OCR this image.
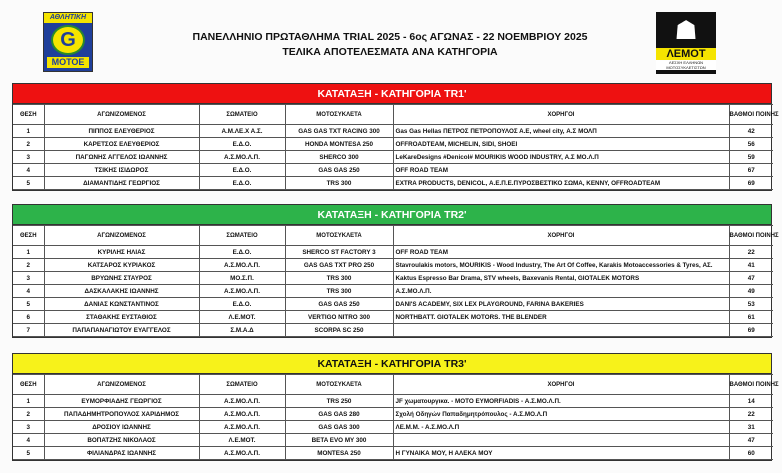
ΑΘΛΗΤΙΚΗ
G
ΜΟΤΟΕ
ΠΑΝΕΛΛΗΝΙΟ ΠΡΩΤΑΘΛΗΜΑ TRIAL 2025 - 6ος ΑΓΩΝΑΣ - 22 ΝΟΕΜΒΡΙΟΥ 2025
ΤΕΛΙΚΑ ΑΠΟΤΕΛΕΣΜΑΤΑ ΑΝΑ ΚΑΤΗΓΟΡΙΑ
☗
ΛΕΜΟΤ
ΛΕΣΧΗ ΕΛΛΗΝΩΝ ΜΟΤΟΣΥΚΛΕΤΙΣΤΩΝ
ΚΑΤΑΤΑΞΗ - ΚΑΤΗΓΟΡΙΑ TR1'
ΘΕΣΗ	ΑΓΩΝΙΖΟΜΕΝΟΣ	ΣΩΜΑΤΕΙΟ	ΜΟΤΟΣΥΚΛΕΤΑ	ΧΟΡΗΓΟΙ	ΒΑΘΜΟΙ ΠΟΙΝΗΣ
1	ΠΙΠΠΟΣ ΕΛΕΥΘΕΡΙΟΣ	Α.Μ.ΛΕ.Χ Α.Σ.	GAS GAS TXT RACING 300	Gas Gas Hellas ΠΕΤΡΟΣ ΠΕΤΡΟΠΟΥΛΟΣ Α.Ε, wheel city, Α.Σ ΜΟΛΠ	42
2	ΚΑΡΕΤΣΟΣ ΕΛΕΥΘΕΡΙΟΣ	Ε.Δ.Ο.	HONDA MONTESA 250	OFFROADTEAM, MICHELIN, SIDI, SHOEI	56
3	ΠΑΓΩΝΗΣ ΑΓΓΕΛΟΣ ΙΩΑΝΝΗΣ	Α.Σ.ΜΟ.Λ.Π.	SHERCO 300	LeKareDesigns #Denicol# MOURIKIS WOOD INDUSTRY, Α.Σ ΜΟ.Λ.Π	59
4	ΤΣΙΚΗΣ ΙΣΙΔΩΡΟΣ	Ε.Δ.Ο.	GAS GAS 250	OFF ROAD TEAM	67
5	ΔΙΑΜΑΝΤΙΔΗΣ ΓΕΩΡΓΙΟΣ	Ε.Δ.Ο.	TRS 300	EXTRA PRODUCTS, DENICOL, Α.Ε.Π.Ε.ΠΥΡΟΣΒΕΣΤΙΚΟ ΣΩΜΑ, KENNY, OFFROADTEAM	69
ΚΑΤΑΤΑΞΗ - ΚΑΤΗΓΟΡΙΑ TR2'
ΘΕΣΗ	ΑΓΩΝΙΖΟΜΕΝΟΣ	ΣΩΜΑΤΕΙΟ	ΜΟΤΟΣΥΚΛΕΤΑ	ΧΟΡΗΓΟΙ	ΒΑΘΜΟΙ ΠΟΙΝΗΣ
1	ΚΥΡΙΛΗΣ ΗΛΙΑΣ	Ε.Δ.Ο.	SHERCO ST FACTORY 3	OFF ROAD TEAM	22
2	ΚΑΤΣΑΡΟΣ ΚΥΡΙΑΚΟΣ	Α.Σ.ΜΟ.Λ.Π.	GAS GAS TXT PRO 250	Stavroulakis motors, MOURIKIS - Wood Industry, The Art Of Coffee, Karakis Motoaccessories & Tyres, ΑΣ.	41
3	ΒΡΥΩΝΗΣ ΣΤΑΥΡΟΣ	ΜΟ.Σ.Π.	TRS 300	Kaktus Espresso Bar Drama, STV wheels, Baxevanis Rental, GIOTALEK MOTORS	47
4	ΔΑΣΚΑΛΑΚΗΣ ΙΩΑΝΝΗΣ	Α.Σ.ΜΟ.Λ.Π.	TRS 300	Α.Σ.ΜΟ.Λ.Π.	49
5	ΔΑΝΙΑΣ ΚΩΝΣΤΑΝΤΙΝΟΣ	Ε.Δ.Ο.	GAS GAS 250	DANI'S ACADEMY, SIX LEX PLAYGROUND, FARINA BAKERIES	53
6	ΣΤΑΘΑΚΗΣ ΕΥΣΤΑΘΙΟΣ	Λ.Ε.ΜΟΤ.	VERTIGO NITRO 300	NORTHBATT. GIOTALEK MOTORS. THE BLENDER	61
7	ΠΑΠΑΠΑΝΑΓΙΩΤΟΥ ΕΥΑΓΓΕΛΟΣ	Σ.Μ.Α.Δ	SCORPA SC 250		69
ΚΑΤΑΤΑΞΗ - ΚΑΤΗΓΟΡΙΑ TR3'
ΘΕΣΗ	ΑΓΩΝΙΖΟΜΕΝΟΣ	ΣΩΜΑΤΕΙΟ	ΜΟΤΟΣΥΚΛΕΤΑ	ΧΟΡΗΓΟΙ	ΒΑΘΜΟΙ ΠΟΙΝΗΣ
1	ΕΥΜΟΡΦΙΑΔΗΣ ΓΕΩΡΓΙΟΣ	Α.Σ.ΜΟ.Λ.Π.	TRS 250	JF χωματουργικα. - MOTO EYMORFIADIS - Α.Σ.ΜΟ.Λ.Π.	14
2	ΠΑΠΑΔΗΜΗΤΡΟΠΟΥΛΟΣ ΧΑΡΙΔΗΜΟΣ	Α.Σ.ΜΟ.Λ.Π.	GAS GAS 280	Σχολή Οδηγών Παπαδημητρόπουλος - Α.Σ.ΜΟ.Λ.Π	22
3	ΔΡΟΣΙΟΥ ΙΩΑΝΝΗΣ	Α.Σ.ΜΟ.Λ.Π.	GAS GAS 300	ΛΕ.Μ.Μ. - Α.Σ.ΜΟ.Λ.Π	31
4	ΒΟΠΑΤΖΗΣ ΝΙΚΟΛΑΟΣ	Λ.Ε.ΜΟΤ.	BETA EVO MY 300		47
5	ΦΙΛΙΑΝΔΡΑΣ ΙΩΑΝΝΗΣ	Α.Σ.ΜΟ.Λ.Π.	MONTESA 250	Η ΓΥΝΑΙΚΑ ΜΟΥ, Η ΑΛΕΚΑ ΜΟΥ	60
